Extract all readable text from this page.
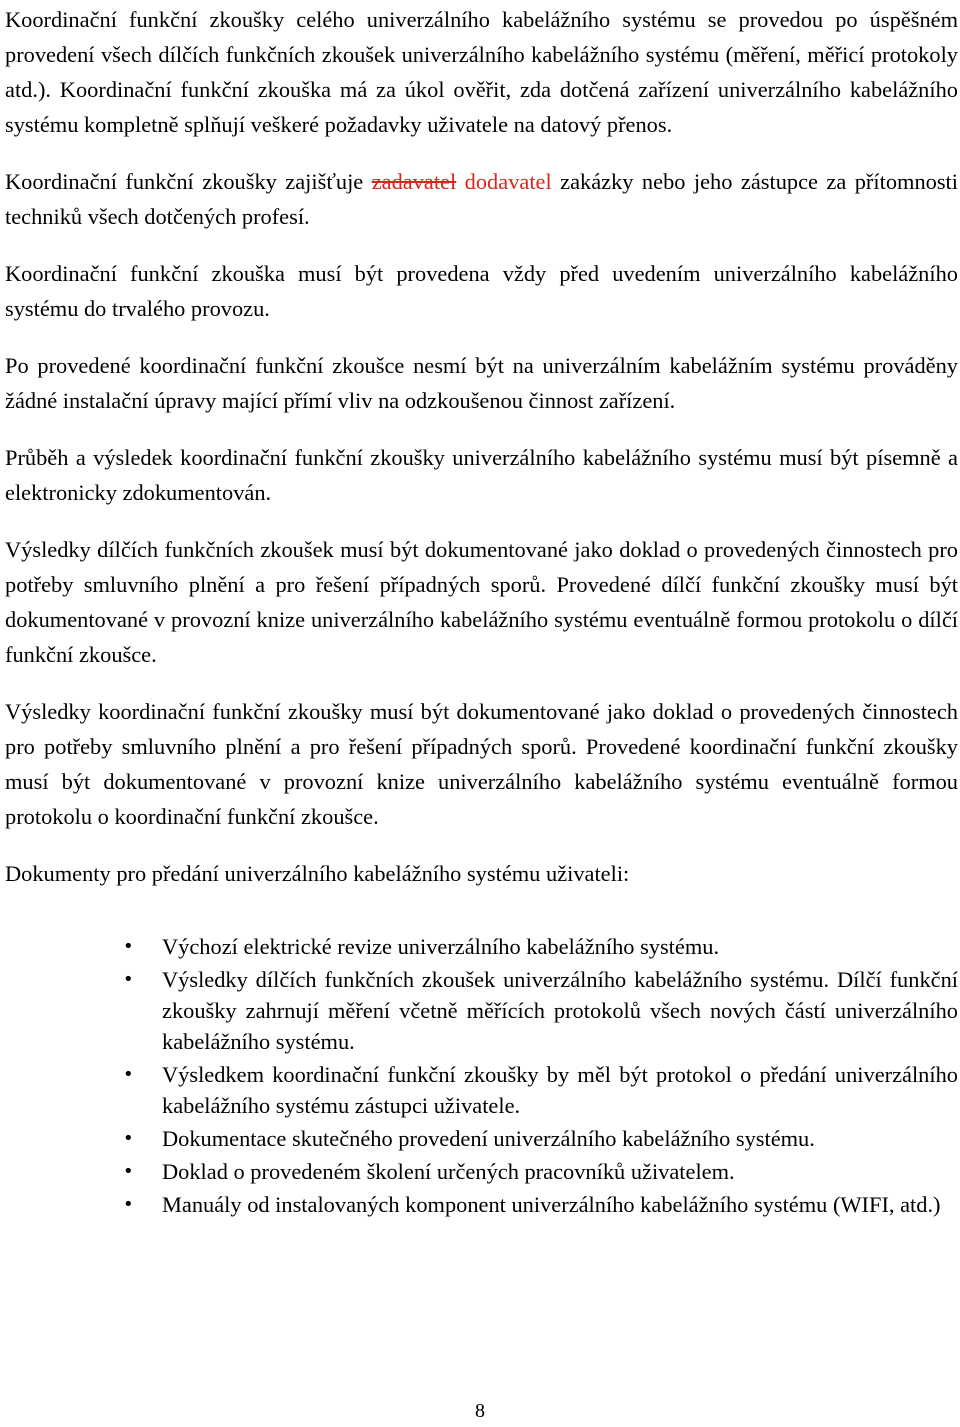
Koordinační funkční zkoušky celého univerzálního kabelážního systému se provedou po úspěšném provedení všech dílčích funkčních zkoušek univerzálního kabelážního systému (měření, měřicí protokoly atd.). Koordinační funkční zkouška má za úkol ověřit, zda dotčená zařízení univerzálního kabelážního systému kompletně splňují veškeré požadavky uživatele na datový přenos.

Koordinační funkční zkoušky zajišťuje zadavatel dodavatel zakázky nebo jeho zástupce za přítomnosti techniků všech dotčených profesí.

Koordinační funkční zkouška musí být provedena vždy před uvedením univerzálního kabelážního systému do trvalého provozu.

Po provedené koordinační funkční zkoušce nesmí být na univerzálním kabelážním systému prováděny žádné instalační úpravy mající přímí vliv na odzkoušenou činnost zařízení.

Průběh a výsledek koordinační funkční zkoušky univerzálního kabelážního systému musí být písemně a elektronicky zdokumentován.

Výsledky dílčích funkčních zkoušek musí být dokumentované jako doklad o provedených činnostech pro potřeby smluvního plnění a pro řešení případných sporů. Provedené dílčí funkční zkoušky musí být dokumentované v provozní knize univerzálního kabelážního systému eventuálně formou protokolu o dílčí funkční zkoušce.

Výsledky koordinační funkční zkoušky musí být dokumentované jako doklad o provedených činnostech pro potřeby smluvního plnění a pro řešení případných sporů. Provedené koordinační funkční zkoušky musí být dokumentované v provozní knize univerzálního kabelážního systému eventuálně formou protokolu o koordinační funkční zkoušce.

Dokumenty pro předání univerzálního kabelážního systému uživateli:

• Výchozí elektrické revize univerzálního kabelážního systému.
• Výsledky dílčích funkčních zkoušek univerzálního kabelážního systému. Dílčí funkční zkoušky zahrnují měření včetně měřících protokolů všech nových částí univerzálního kabelážního systému.
• Výsledkem koordinační funkční zkoušky by měl být protokol o předání univerzálního kabelážního systému zástupci uživatele.
• Dokumentace skutečného provedení univerzálního kabelážního systému.
• Doklad o provedeném školení určených pracovníků uživatelem.
• Manuály od instalovaných komponent univerzálního kabelážního systému (WIFI, atd.)
8
